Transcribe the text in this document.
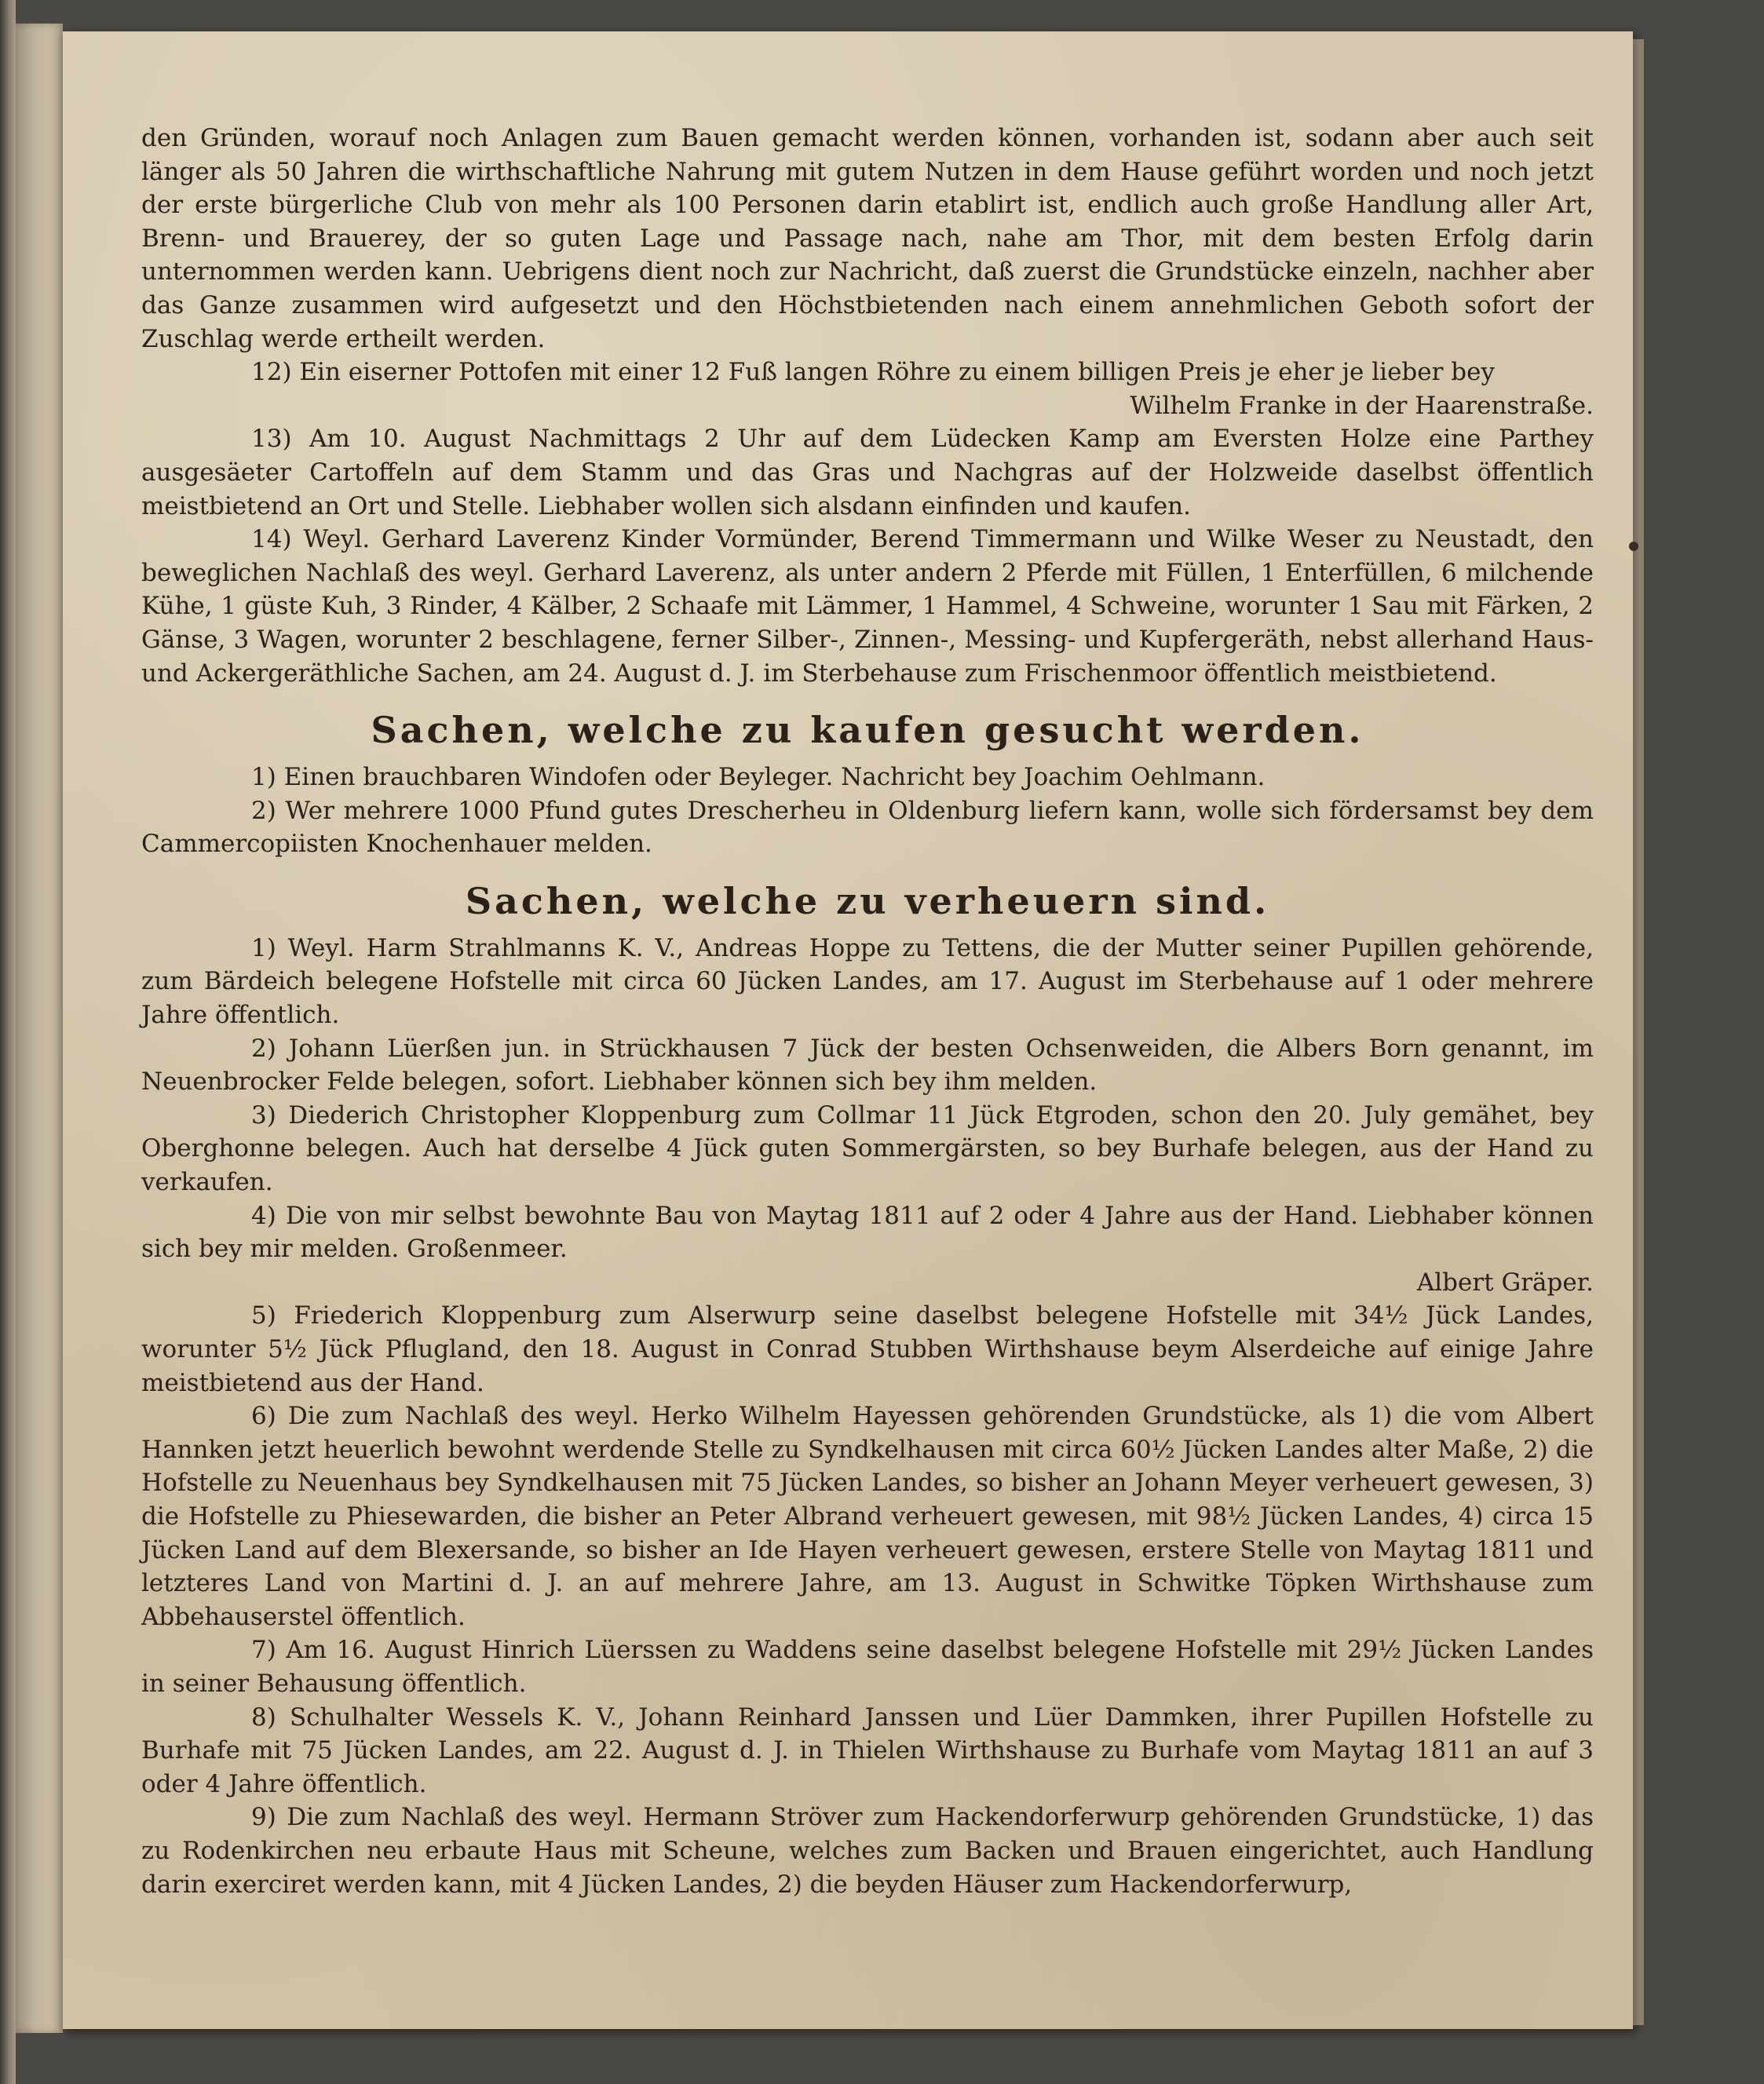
den Gründen, worauf noch Anlagen zum Bauen gemacht werden können, vorhanden ist, sodann aber auch seit länger als 50 Jahren die wirthschaftliche Nahrung mit gutem Nutzen in dem Hause geführt worden und noch jetzt der erste bürgerliche Club von mehr als 100 Personen darin etablirt ist, endlich auch große Handlung aller Art, Brenn- und Brauerey, der so guten Lage und Passage nach, nahe am Thor, mit dem besten Erfolg darin unternommen werden kann. Uebrigens dient noch zur Nachricht, daß zuerst die Grundstücke einzeln, nachher aber das Ganze zusammen wird aufgesetzt und den Höchstbietenden nach einem annehmlichen Geboth sofort der Zuschlag werde ertheilt werden.

12) Ein eiserner Pottofen mit einer 12 Fuß langen Röhre zu einem billigen Preis je eher je lieber bey

Wilhelm Franke in der Haarenstraße.

13) Am 10. August Nachmittags 2 Uhr auf dem Lüdecken Kamp am Eversten Holze eine Parthey ausgesäeter Cartoffeln auf dem Stamm und das Gras und Nachgras auf der Holzweide daselbst öffentlich meistbietend an Ort und Stelle. Liebhaber wollen sich alsdann einfinden und kaufen.

14) Weyl. Gerhard Laverenz Kinder Vormünder, Berend Timmermann und Wilke Weser zu Neustadt, den beweglichen Nachlaß des weyl. Gerhard Laverenz, als unter andern 2 Pferde mit Füllen, 1 Enterfüllen, 6 milchende Kühe, 1 güste Kuh, 3 Rinder, 4 Kälber, 2 Schaafe mit Lämmer, 1 Hammel, 4 Schweine, worunter 1 Sau mit Färken, 2 Gänse, 3 Wagen, worunter 2 beschlagene, ferner Silber-, Zinnen-, Messing- und Kupfergeräth, nebst allerhand Haus- und Ackergeräthliche Sachen, am 24. August d. J. im Sterbehause zum Frischenmoor öffentlich meistbietend.

Sachen, welche zu kaufen gesucht werden.

1) Einen brauchbaren Windofen oder Beyleger. Nachricht bey Joachim Oehlmann.

2) Wer mehrere 1000 Pfund gutes Drescherheu in Oldenburg liefern kann, wolle sich fördersamst bey dem Cammercopiisten Knochenhauer melden.

Sachen, welche zu verheuern sind.

1) Weyl. Harm Strahlmanns K. V., Andreas Hoppe zu Tettens, die der Mutter seiner Pupillen gehörende, zum Bärdeich belegene Hofstelle mit circa 60 Jücken Landes, am 17. August im Sterbehause auf 1 oder mehrere Jahre öffentlich.

2) Johann Lüerßen jun. in Strückhausen 7 Jück der besten Ochsenweiden, die Albers Born genannt, im Neuenbrocker Felde belegen, sofort. Liebhaber können sich bey ihm melden.

3) Diederich Christopher Kloppenburg zum Collmar 11 Jück Etgroden, schon den 20. July gemähet, bey Oberghonne belegen. Auch hat derselbe 4 Jück guten Sommergärsten, so bey Burhafe belegen, aus der Hand zu verkaufen.

4) Die von mir selbst bewohnte Bau von Maytag 1811 auf 2 oder 4 Jahre aus der Hand. Liebhaber können sich bey mir melden. Großenmeer.

Albert Gräper.

5) Friederich Kloppenburg zum Alserwurp seine daselbst belegene Hofstelle mit 34½ Jück Landes, worunter 5½ Jück Pflugland, den 18. August in Conrad Stubben Wirthshause beym Alserdeiche auf einige Jahre meistbietend aus der Hand.

6) Die zum Nachlaß des weyl. Herko Wilhelm Hayessen gehörenden Grundstücke, als 1) die vom Albert Hannken jetzt heuerlich bewohnt werdende Stelle zu Syndkelhausen mit circa 60½ Jücken Landes alter Maße, 2) die Hofstelle zu Neuenhaus bey Syndkelhausen mit 75 Jücken Landes, so bisher an Johann Meyer verheuert gewesen, 3) die Hofstelle zu Phiesewarden, die bisher an Peter Albrand verheuert gewesen, mit 98½ Jücken Landes, 4) circa 15 Jücken Land auf dem Blexersande, so bisher an Ide Hayen verheuert gewesen, erstere Stelle von Maytag 1811 und letzteres Land von Martini d. J. an auf mehrere Jahre, am 13. August in Schwitke Töpken Wirthshause zum Abbehauserstel öffentlich.

7) Am 16. August Hinrich Lüerssen zu Waddens seine daselbst belegene Hofstelle mit 29½ Jücken Landes in seiner Behausung öffentlich.

8) Schulhalter Wessels K. V., Johann Reinhard Janssen und Lüer Dammken, ihrer Pupillen Hofstelle zu Burhafe mit 75 Jücken Landes, am 22. August d. J. in Thielen Wirthshause zu Burhafe vom Maytag 1811 an auf 3 oder 4 Jahre öffentlich.

9) Die zum Nachlaß des weyl. Hermann Ströver zum Hackendorferwurp gehörenden Grundstücke, 1) das zu Rodenkirchen neu erbaute Haus mit Scheune, welches zum Backen und Brauen eingerichtet, auch Handlung darin exerciret werden kann, mit 4 Jücken Landes, 2) die beyden Häuser zum Hackendorferwurp,
